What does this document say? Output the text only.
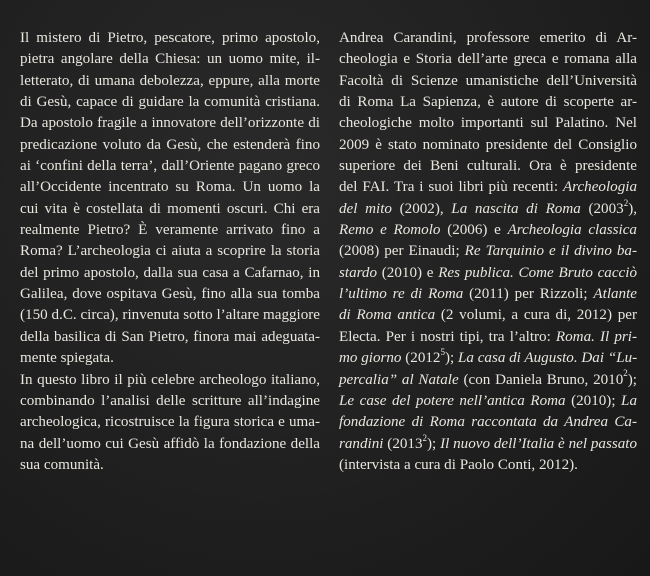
Il mistero di Pietro, pescatore, primo apostolo,
pietra angolare della Chiesa: un uomo mite, il-
letterato, di umana debolezza, eppure, alla morte
di Gesù, capace di guidare la comunità cristiana.
Da apostolo fragile a innovatore dell’orizzonte di
predicazione voluto da Gesù, che estenderà fino
ai ‘confini della terra’, dall’Oriente pagano greco
all’Occidente incentrato su Roma. Un uomo la
cui vita è costellata di momenti oscuri. Chi era
realmente Pietro? È veramente arrivato fino a
Roma? L’archeologia ci aiuta a scoprire la storia
del primo apostolo, dalla sua casa a Cafarnao, in
Galilea, dove ospitava Gesù, fino alla sua tomba
(150 d.C. circa), rinvenuta sotto l’altare maggiore
della basilica di San Pietro, finora mai adeguata-
mente spiegata.
In questo libro il più celebre archeologo italiano,
combinando l’analisi delle scritture all’indagine
archeologica, ricostruisce la figura storica e uma-
na dell’uomo cui Gesù affidò la fondazione della
sua comunità.
Andrea Carandini, professore emerito di Ar-
cheologia e Storia dell’arte greca e romana alla
Facoltà di Scienze umanistiche dell’Università
di Roma La Sapienza, è autore di scoperte ar-
cheologiche molto importanti sul Palatino. Nel
2009 è stato nominato presidente del Consiglio
superiore dei Beni culturali. Ora è presidente
del FAI. Tra i suoi libri più recenti: Archeologia
del mito (2002), La nascita di Roma (2003$^2$),
Remo e Romolo (2006) e Archeologia classica
(2008) per Einaudi; Re Tarquinio e il divino ba-
stardo (2010) e Res publica. Come Bruto cacciò
l’ultimo re di Roma (2011) per Rizzoli; Atlante
di Roma antica (2 volumi, a cura di, 2012) per
Electa. Per i nostri tipi, tra l’altro: Roma. Il pri-
mo giorno (2012$^5$); La casa di Augusto. Dai “Lu-
percalia” al Natale (con Daniela Bruno, 2010$^2$);
Le case del potere nell’antica Roma (2010); La
fondazione di Roma raccontata da Andrea Ca-
randini (2013$^2$); Il nuovo dell’Italia è nel passato
(intervista a cura di Paolo Conti, 2012).
